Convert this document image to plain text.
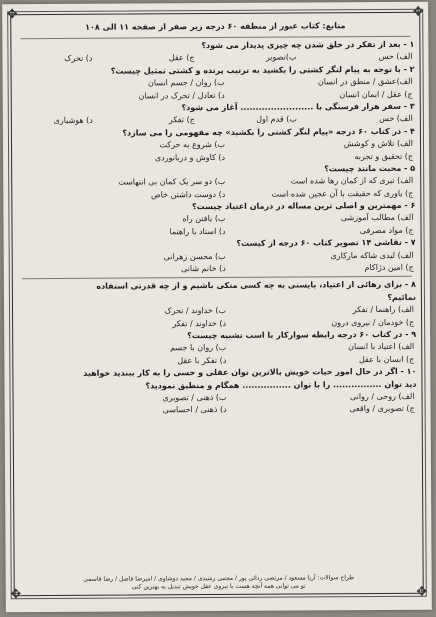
✥	✥
✥	✥
منابع: کتاب عبور از منطقه ۶۰ درجه زیر صفر از صفحه ۱۱ الی ۱۰۸
۱ - بعد از تفکر در خلق شدن چه چیزی پدیدار می شود؟
الف) حس
ب)تصویر
ج) عقل
د) تحرک
۲ - با توجه به پیام لنگر کشتی را بکشید به ترتیب پرنده و کشتی تمثیل چیست؟
الف)عشق / منطق در انسان
ب) روان / جسم انسان
ج) عقل / ایمان انسان
د) تعادل / تحرک در انسان
۳ - سفر هزار فرسنگی با ........................ آغاز می شود؟
الف) حس
ب) قدم اول
ج) تفکر
د) هوشیاری
۴ - در کتاب ۶۰ درجه «پیام لنگر کشتی را بکشید» چه مفهومی را می سازد؟
الف) تلاش و کوشش
ب) شروع به حرکت
ج) تحقیق و تجربه
د) کاوش و دریانوردی
۵ - محبت مانند چیست؟
الف) تیری که از کمان رها شده است
ب) دو سر یک کمان بی انتهاست
ج) یاوری که حقیقت با آن عجین شده است
د) دوست داشتن خاص
۶ - مهمترین و اصلی ترین مساله در درمان اعتیاد چیست؟
الف) مطالب آموزشی
ب) یافتن راه
ج) مواد مصرفی
د) استاد یا راهنما
۷ - نقاشی ۱۴ تصویر کتاب ۶۰ درجه از کیست؟
الف) لیدی شاکه مارکاری
ب) محسن زهرانی
ج) امین دژاکام
د) خانم شانی
۸ - برای رهائی از اعتیاد، بایستی به چه کسی متکی باشیم و از چه قدرتی استفاده
نمائیم؟
الف) راهنما / تفکر
ب) خداوند / تحرک
ج) خودمان / نیروی درون
د) خداوند / تفکر
۹ - در کتاب ۶۰ درجه رابطه سوارکار با اسب تشبیه چیست؟
الف) اعتیاد با انسان
ب) روان با جسم
ج) انسان با عقل
د) تفکر با عقل
۱۰ - اگر در حال امور حیات خویش بالاترین توان عقلی و حسی را به کار ببندید خواهید
دید توان ................ را با توان ................ همگام و منطبق نمودید؟
الف) روحی / روانی
ب) ذهنی / تصویری
ج) تصویری / واقعی
د) ذهنی / احساسی
طراح سوالات: آریا مسعود / مرتضی ردائی پور / مجتبی رشیدی / مجید دوشاوی / امیرضا فاضل / رضا قاسمی
تو می توانی همه آنچه هست با نیروی عقل خویش تبدیل به بهترین کنی
